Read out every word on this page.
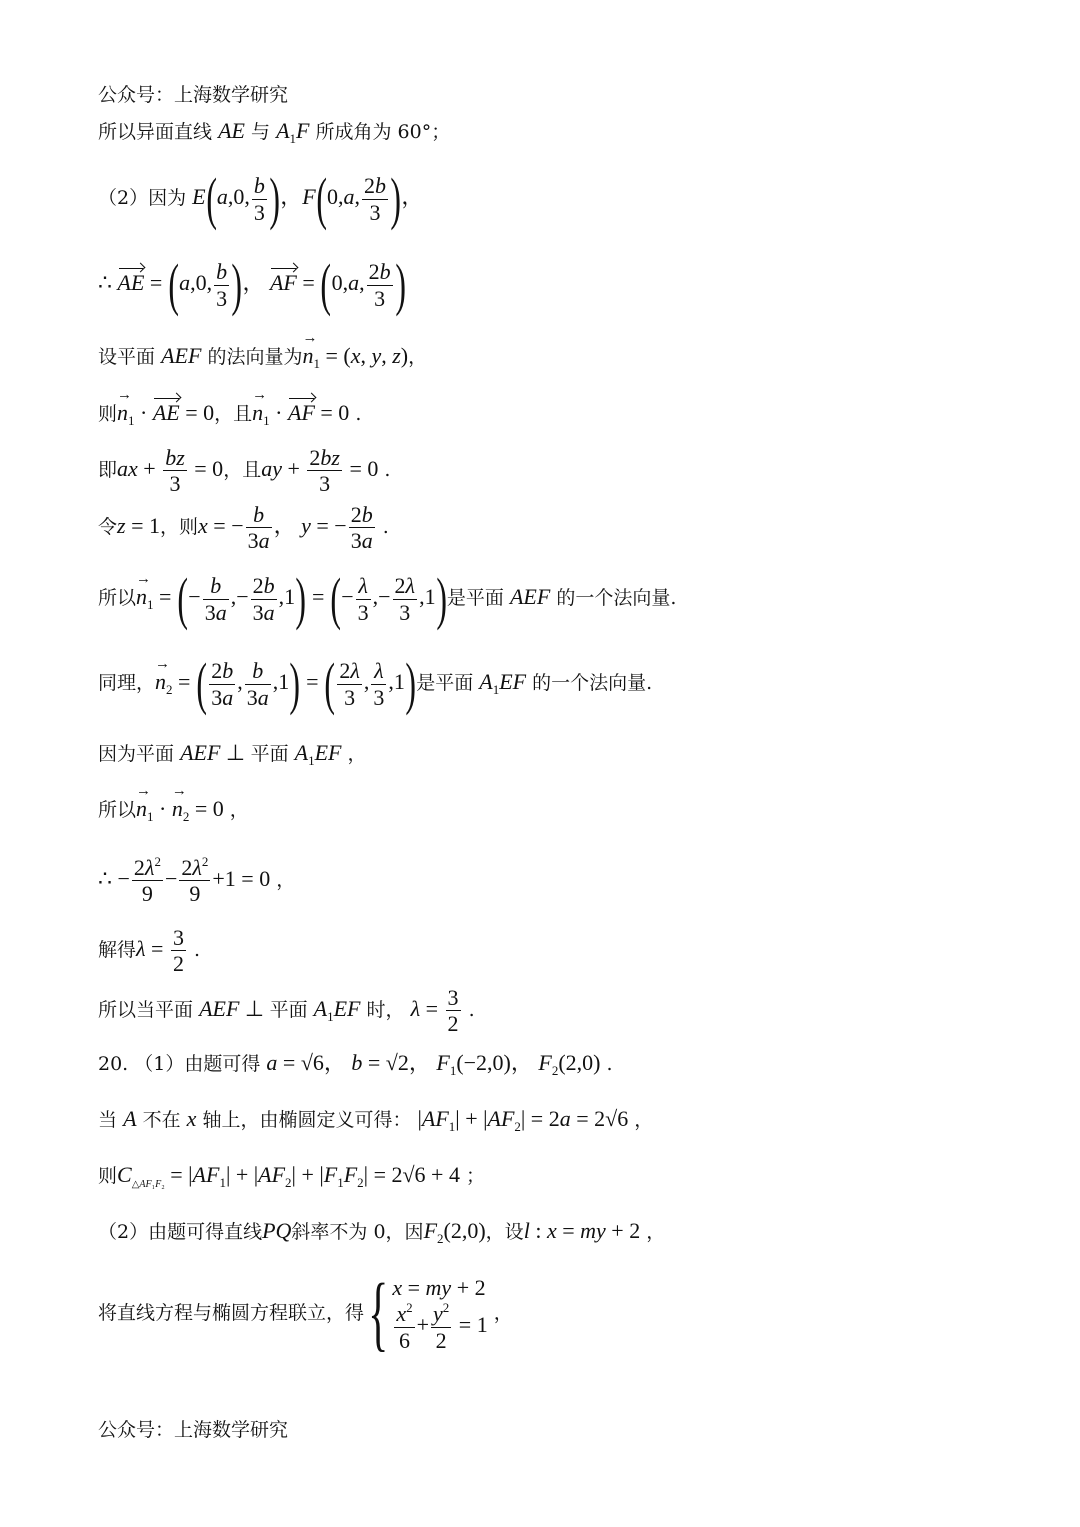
公众号：上海数学研究
所以异面直线 AE 与 $A_1F$ 所成角为 60°；
（2）因为 E(a,0, $\frac{b}{3}$ )，F(0,a, $\frac{2b}{3}$ )，
∴ AE = (a,0, $\frac{b}{3}$ )， AF = (0,a, $\frac{2b}{3}$ )
设平面 AEF 的法向量为→ $n_1 = (x$, y, z)，
则→ $n_1$ · AE = 0，且→ $n_1$ · AF = 0 .
即ax + $\frac{bz}{3} = 0$，且ay + $\frac{2bz}{3} = 0$ .
令z = 1，则x = − $\frac{b}{3a}$ ， y = − $\frac{2b}{3a}$ .
所以→ $n_1$ = (− $\frac{b}{3a}$ ,− $\frac{2b}{3a} ,1$) = (− $\frac{\lambda}{3}$ ,− $\frac{2\lambda}{3} ,1$)是平面 AEF 的一个法向量.
同理，→ $n_2$ = ( $\frac{2b}{3a}$ , $\frac{b}{3a} ,1$) = ( $\frac{2\lambda}{3}$ , $\frac{\lambda}{3} ,1$)是平面 $A_1EF$ 的一个法向量.
因为平面 AEF ⊥ 平面 $A_1EF$ ，
所以→ $n_1$ · → $n_2 = 0$ ，
∴ − $\frac{2\lambda^2}{9} - \frac{2\lambda^2}{9} +1 = 0$ ，
解得$\lambda = \frac{3}{2}$ .
所以当平面 AEF ⊥ 平面 $A_1EF$ 时， $\lambda = \frac{3}{2}$ .
20. （1）由题可得 a = √6， b = √2， $F_1(-2,0)$， $F_2(2,0)$ .
当 A 不在 x 轴上，由椭圆定义可得： $|AF_1| + |AF_2| = 2a = 2√6$ ，
则$C_{\triangle AF_1F_2} = |AF_1| + |AF_2| + |F_1F_2| = 2√6 + 4$ ；
（2）由题可得直线PQ斜率不为 0，因$F_2(2,0)$，设l : x = my + 2 ，
将直线方程与椭圆方程联立，得{ x = my + 2
$\frac{x^2}{6} + \frac{y^2}{2} = 1$ ，
公众号：上海数学研究
